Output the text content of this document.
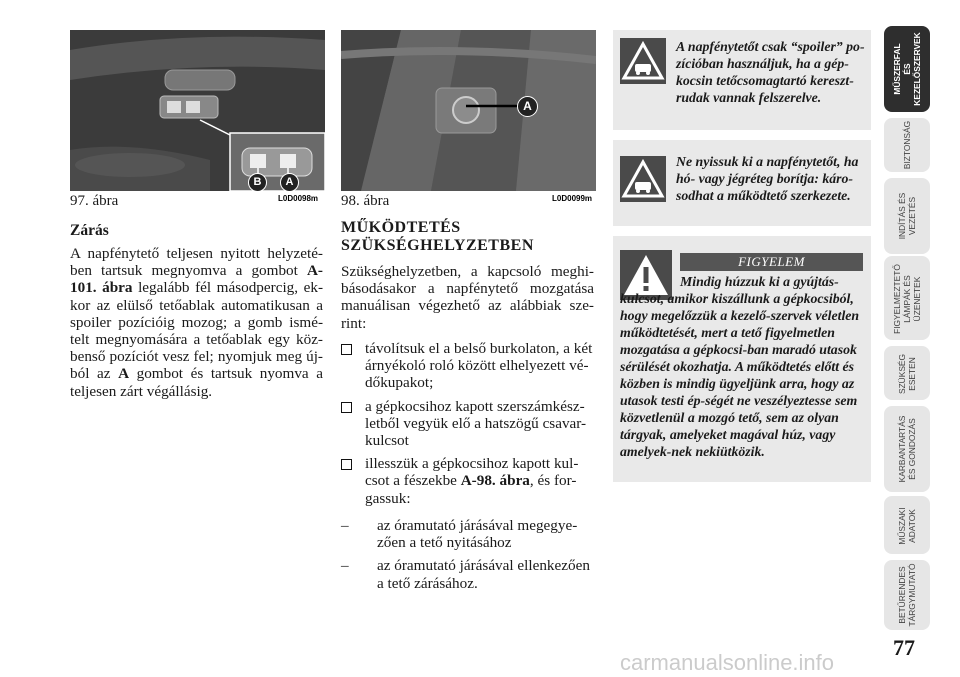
B	A
97. ábra	L0D0098m
A
98. ábra	L0D0099m
Zárás
A napfénytető teljesen nyitott helyzeté-ben tartsuk megnyomva a gombot A-101. ábra legalább fél másodpercig, ek-kor az elülső tetőablak automatikusan a spoiler pozícióig mozog; a gomb ismé-telt megnyomására a tetőablak egy köz-benső pozíciót vesz fel; nyomjuk meg új-ból az A gombot és tartsuk nyomva a teljesen zárt végállásig.
MŰKÖDTETÉS SZÜKSÉGHELYZETBEN
Szükséghelyzetben, a kapcsoló meghi-básodásakor a napfénytető mozgatása manuálisan végezhető az alábbiak sze-rint:
távolítsuk el a belső burkolaton, a két árnyékoló roló között elhelyezett vé-dőkupakot;
a gépkocsihoz kapott szerszámkész-letből vegyük elő a hatszögű csavar-kulcsot
illesszük a gépkocsihoz kapott kul-csot a fészekbe A-98. ábra, és for-gassuk:
– az óramutató járásával megegye-zően a tető nyitásához
– az óramutató járásával ellenkezően a tető zárásához.
A napfénytetőt csak “spoiler” po-zícióban használjuk, ha a gép-kocsin tetőcsomagtartó kereszt-rudak vannak felszerelve.
Ne nyissuk ki a napfénytetőt, ha hó- vagy jégréteg borítja: káro-sodhat a működtető szerkezete.
FIGYELEM
Mindig húzzuk ki a gyújtás-kulcsot, amikor kiszállunk a gépkocsiból, hogy megelőzzük a kezelő-szervek véletlen működtetését, mert a tető figyelmetlen mozgatása a gépkocsi-ban maradó utasok sérülését okozhatja. A működtetés előtt és közben is mindig ügyeljünk arra, hogy az utasok testi ép-ségét ne veszélyeztesse sem közvetlenül a mozgó tető, sem az olyan tárgyak, amelyeket magával húz, vagy amelyek-nek nekiütközik.
MŰSZERFAL
ÉS
KEZELŐSZERVEK
BIZTONSÁG
INDÍTÁS ÉS
VEZETÉS
FIGYELMEZTETŐ
LÁMPÁK ÉS
ÜZENETEK
SZÜKSÉG
ESETEN
KARBANTARTÁS
ÉS GONDOZÁS
MŰSZAKI
ADATOK
BETŰRENDES
TÁRGYMUTATÓ
77
carmanualsonline.info
